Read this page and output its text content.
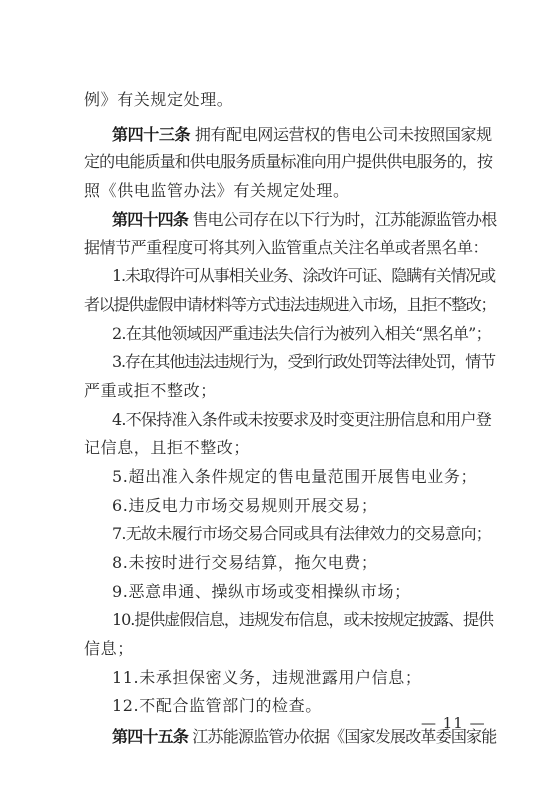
例》有关规定处理。
第四十三条 拥有配电网运营权的售电公司未按照国家规
定的电能质量和供电服务质量标准向用户提供供电服务的，按
照《供电监管办法》有关规定处理。
第四十四条 售电公司存在以下行为时，江苏能源监管办根
据情节严重程度可将其列入监管重点关注名单或者黑名单：
1.未取得许可从事相关业务、涂改许可证、隐瞒有关情况或
者以提供虚假申请材料等方式违法违规进入市场，且拒不整改；
2.在其他领域因严重违法失信行为被列入相关“黑名单”；
3.存在其他违法违规行为，受到行政处罚等法律处罚，情节
严重或拒不整改；
4.不保持准入条件或未按要求及时变更注册信息和用户登
记信息，且拒不整改；
5.超出准入条件规定的售电量范围开展售电业务；
6.违反电力市场交易规则开展交易；
7.无故未履行市场交易合同或具有法律效力的交易意向；
8.未按时进行交易结算，拖欠电费；
9.恶意串通、操纵市场或变相操纵市场；
10.提供虚假信息，违规发布信息，或未按规定披露、提供
信息；
11.未承担保密义务，违规泄露用户信息；
12.不配合监管部门的检查。
第四十五条 江苏能源监管办依据《国家发展改革委国家能
— 11 —
